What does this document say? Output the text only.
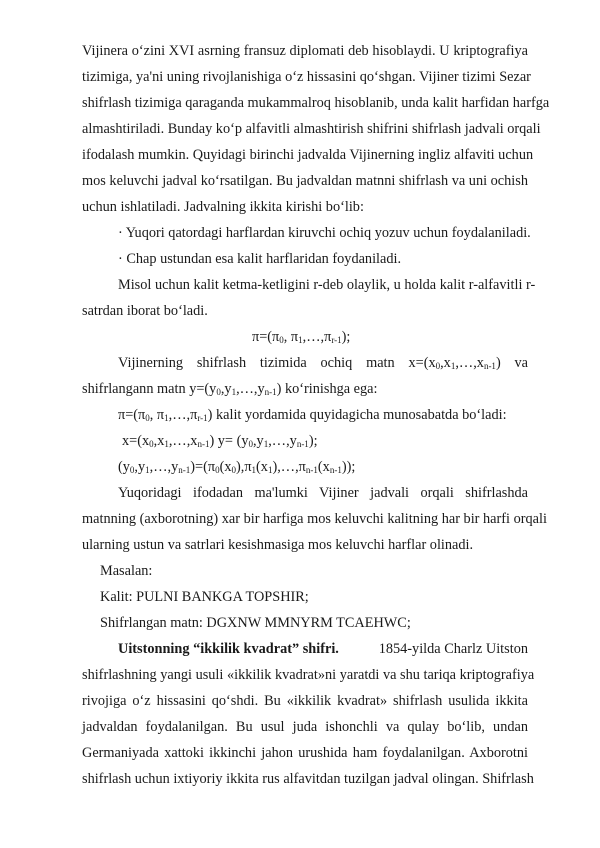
Vijinera o‘zini XVI asrning fransuz diplomati deb hisoblaydi. U kriptografiya
tizimiga, ya'ni uning rivojlanishiga o‘z hissasini qo‘shgan. Vijiner tizimi Sezar
shifrlash tizimiga qaraganda mukammalroq hisoblanib, unda kalit harfidan harfga
almashtiriladi. Bunday ko‘p alfavitli almashtirish shifrini shifrlash jadvali orqali
ifodalash mumkin. Quyidagi birinchi jadvalda Vijinerning ingliz alfaviti uchun
mos keluvchi jadval ko‘rsatilgan. Bu jadvaldan matnni shifrlash va uni ochish
uchun ishlatiladi. Jadvalning ikkita kirishi bo‘lib:
· Yuqori qatordagi harflardan kiruvchi ochiq yozuv uchun foydalaniladi.
· Chap ustundan esa kalit harflaridan foydaniladi.
Misol uchun kalit ketma-ketligini r-deb olaylik, u holda kalit r-alfavitli r-
satrdan iborat bo‘ladi.
$\pi=(\pi_0$, $\pi_1,\dots,\pi_{r-1}$);
Vijinerning shifrlash tizimida ochiq matn $x=(x_0,x_1,\dots,x_{n-1})$ va
shifrlangann matn $y=(y_0,y_1,\dots,y_{n-1})$ ko‘rinishga ega:
$\pi=(\pi_0$, $\pi_1,\dots,\pi_{r-1}$) kalit yordamida quyidagicha munosabatda bo‘ladi:
$x=(x_0,x_1,\dots,x_{n-1})$ $y= (y_0,y_1,\dots,y_{n-1})$;
$(y_0,y_1,\dots,y_{n-1})=(\pi_0(x_0),\pi_1(x_1),\dots,\pi_{n-1}(x_{n-1}))$;
Yuqoridagi ifodadan ma'lumki Vijiner jadvali orqali shifrlashda
matnning (axborotning) xar bir harfiga mos keluvchi kalitning har bir harfi orqali
ularning ustun va satrlari kesishmasiga mos keluvchi harflar olinadi.
Masalan:
Kalit: PULNI BANKGA TOPSHIR;
Shifrlangan matn: DGXNW MMNYRM TCAEHWC;
Uitstonning “ikkilik kvadrat” shifri.	1854-yilda Charlz Uitston
shifrlashning yangi usuli «ikkilik kvadrat»ni yaratdi va shu tariqa kriptografiya
rivojiga o‘z hissasini qo‘shdi. Bu «ikkilik kvadrat» shifrlash usulida ikkita
jadvaldan foydalanilgan. Bu usul juda ishonchli va qulay bo‘lib, undan
Germaniyada xattoki ikkinchi jahon urushida ham foydalanilgan. Axborotni
shifrlash uchun ixtiyoriy ikkita rus alfavitdan tuzilgan jadval olingan. Shifrlash
